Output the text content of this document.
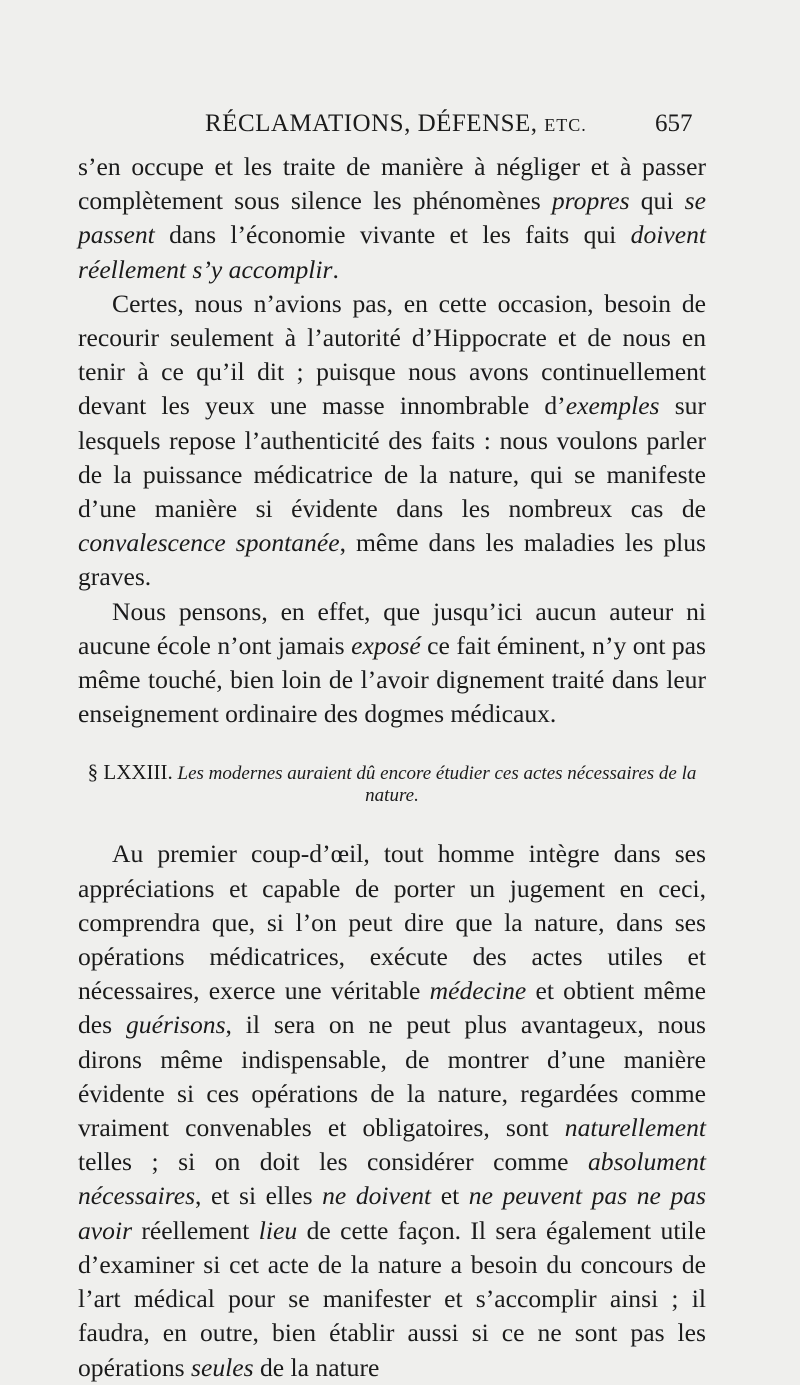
RÉCLAMATIONS, DÉFENSE, ETC.	657

s’en occupe et les traite de manière à négliger et à passer complètement sous silence les phénomènes propres qui se passent dans l’économie vivante et les faits qui doivent réellement s’y accomplir.

Certes, nous n’avions pas, en cette occasion, besoin de recourir seulement à l’autorité d’Hippocrate et de nous en tenir à ce qu’il dit ; puisque nous avons continuellement devant les yeux une masse innombrable d’exemples sur lesquels repose l’authenticité des faits : nous voulons parler de la puissance médicatrice de la nature, qui se manifeste d’une manière si évidente dans les nombreux cas de convalescence spontanée, même dans les maladies les plus graves.

Nous pensons, en effet, que jusqu’ici aucun auteur ni aucune école n’ont jamais exposé ce fait éminent, n’y ont pas même touché, bien loin de l’avoir dignement traité dans leur enseignement ordinaire des dogmes médicaux.

§ LXXIII. Les modernes auraient dû encore étudier ces actes nécessaires de la nature.

Au premier coup-d’œil, tout homme intègre dans ses appréciations et capable de porter un jugement en ceci, comprendra que, si l’on peut dire que la nature, dans ses opérations médicatrices, exécute des actes utiles et nécessaires, exerce une véritable médecine et obtient même des guérisons, il sera on ne peut plus avantageux, nous dirons même indispensable, de montrer d’une manière évidente si ces opérations de la nature, regardées comme vraiment convenables et obligatoires, sont naturellement telles ; si on doit les considérer comme absolument nécessaires, et si elles ne doivent et ne peuvent pas ne pas avoir réellement lieu de cette façon. Il sera également utile d’examiner si cet acte de la nature a besoin du concours de l’art médical pour se manifester et s’accomplir ainsi ; il faudra, en outre, bien établir aussi si ce ne sont pas les opérations seules de la nature
